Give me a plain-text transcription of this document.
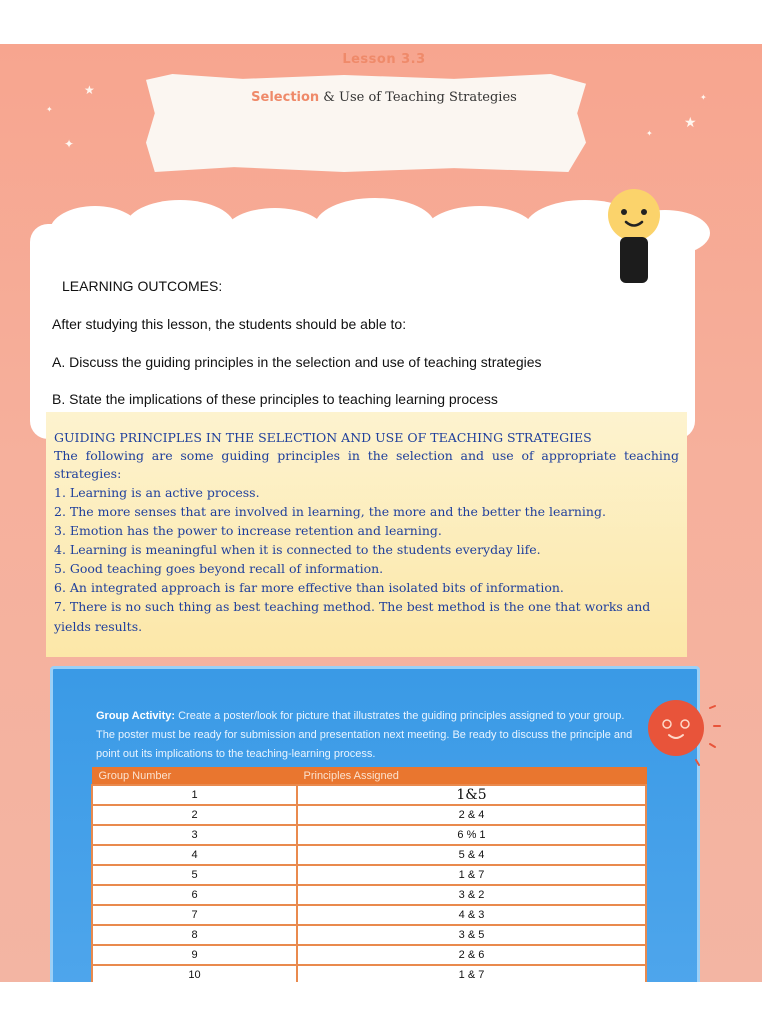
★
✦
✦
★
✦
✦
LEARNING OUTCOMES:
After studying this lesson, the students should be able to:
A. Discuss the guiding principles in the selection and use of teaching strategies
B. State the implications of these principles to teaching learning process
GUIDING PRINCIPLES IN THE SELECTION AND USE OF TEACHING STRATEGIES
The following are some guiding principles in the selection and use of appropriate teaching strategies:
1. Learning is an active process.
2. The more senses that are involved in learning, the more and the better the learning.
3. Emotion has the power to increase retention and learning.
4. Learning is meaningful when it is connected to the students everyday life.
5. Good teaching goes beyond recall of information.
6. An integrated approach is far more effective than isolated bits of information.
7. There is no such thing as best teaching method. The best method is the one that works and yields results.
Group Activity: Create a poster/look for picture that illustrates the guiding principles assigned to your group. The poster must be ready for submission and presentation next meeting. Be ready to discuss the principle and point out its implications to the teaching-learning process.
Group Number	Principles Assigned
1	1&5
2	2 & 4
3	6 % 1
4	5 & 4
5	1 & 7
6	3 & 2
7	4 & 3
8	3 & 5
9	2 & 6
10	1 & 7
Lesson 3.3
Selection & Use of Teaching Strategies
